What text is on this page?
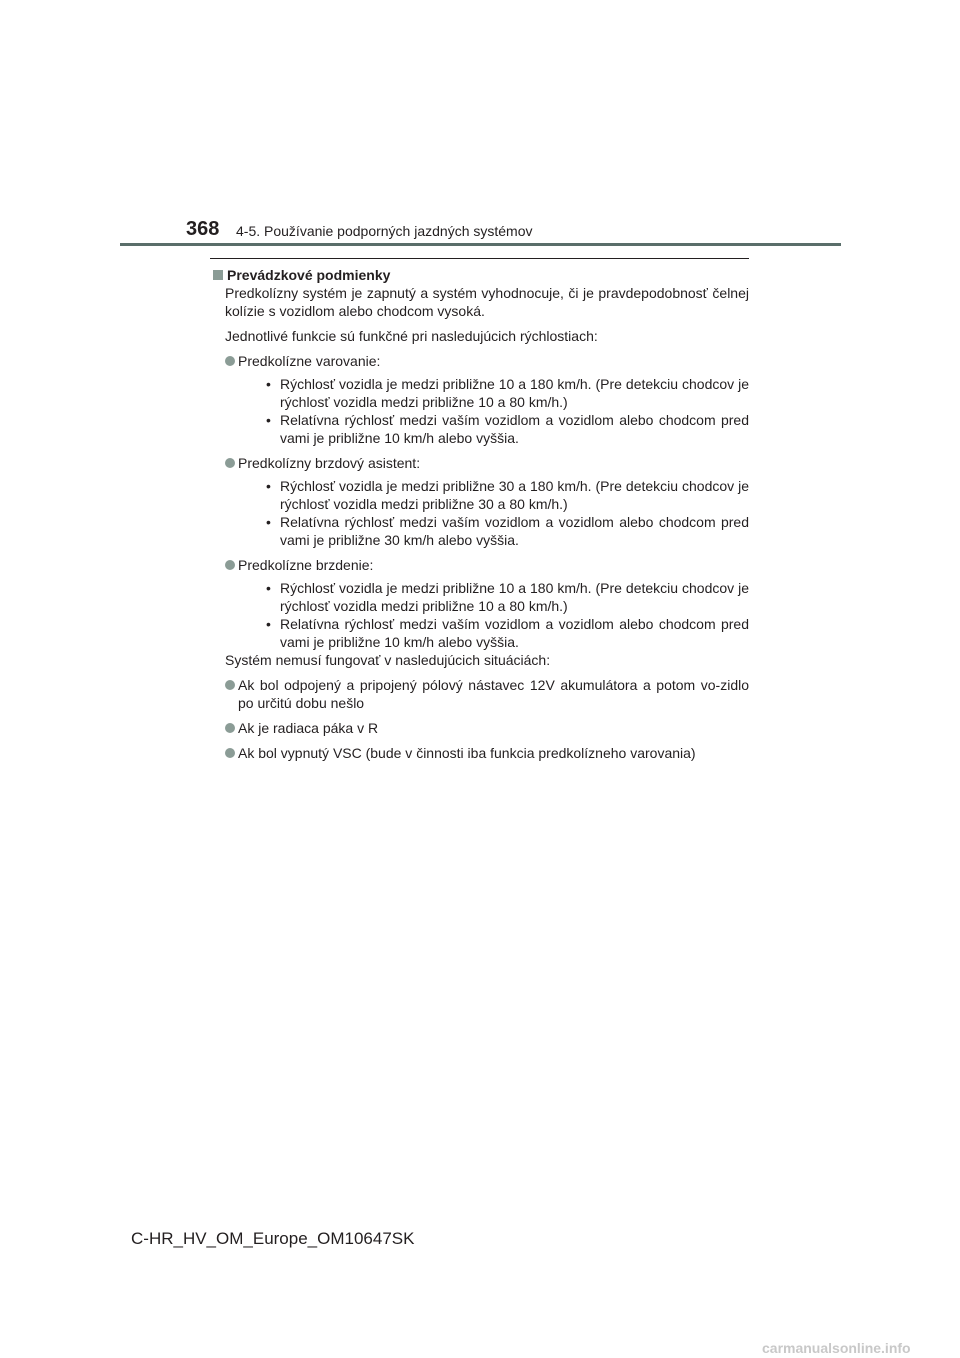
368 4-5. Používanie podporných jazdných systémov
Prevádzkové podmienky

Predkolízny systém je zapnutý a systém vyhodnocuje, či je pravdepodobnosť čelnej kolízie s vozidlom alebo chodcom vysoká.

Jednotlivé funkcie sú funkčné pri nasledujúcich rýchlostiach:

Predkolízne varovanie:
• Rýchlosť vozidla je medzi približne 10 a 180 km/h. (Pre detekciu chodcov je rýchlosť vozidla medzi približne 10 a 80 km/h.)
• Relatívna rýchlosť medzi vaším vozidlom a vozidlom alebo chodcom pred vami je približne 10 km/h alebo vyššia.
Predkolízny brzdový asistent:
• Rýchlosť vozidla je medzi približne 30 a 180 km/h. (Pre detekciu chodcov je rýchlosť vozidla medzi približne 30 a 80 km/h.)
• Relatívna rýchlosť medzi vaším vozidlom a vozidlom alebo chodcom pred vami je približne 30 km/h alebo vyššia.
Predkolízne brzdenie:
• Rýchlosť vozidla je medzi približne 10 a 180 km/h. (Pre detekciu chodcov je rýchlosť vozidla medzi približne 10 a 80 km/h.)
• Relatívna rýchlosť medzi vaším vozidlom a vozidlom alebo chodcom pred vami je približne 10 km/h alebo vyššia.

Systém nemusí fungovať v nasledujúcich situáciách:

Ak bol odpojený a pripojený pólový nástavec 12V akumulátora a potom vo-zidlo po určitú dobu nešlo
Ak je radiaca páka v R
Ak bol vypnutý VSC (bude v činnosti iba funkcia predkolízneho varovania)
C-HR_HV_OM_Europe_OM10647SK
carmanualsonline.info
